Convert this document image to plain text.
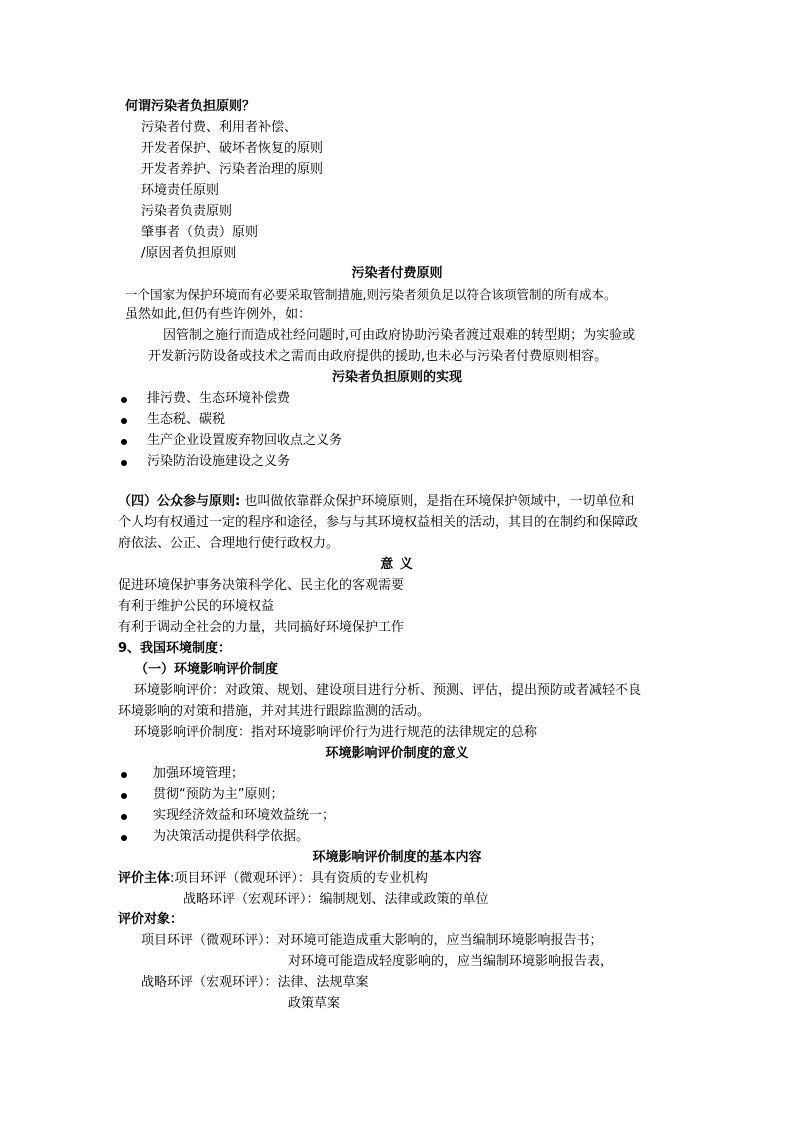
何谓污染者负担原则？
污染者付费、利用者补偿、
开发者保护、破坏者恢复的原则
开发者养护、污染者治理的原则
环境责任原则
污染者负责原则
肇事者（负责）原则
/原因者负担原则
污染者付费原则
一个国家为保护环境而有必要采取管制措施,则污染者须负足以符合该项管制的所有成本。
虽然如此,但仍有些许例外，如：
因管制之施行而造成社经问题时,可由政府协助污染者渡过艰难的转型期；为实验或
开发新污防设备或技术之需而由政府提供的援助,也未必与污染者付费原则相容。
污染者负担原则的实现
排污费、生态环境补偿费
生态税、碳税
生产企业设置废弃物回收点之义务
污染防治设施建设之义务
（四）公众参与原则: 也叫做依靠群众保护环境原则，是指在环境保护领域中，一切单位和
个人均有权通过一定的程序和途径，参与与其环境权益相关的活动，其目的在制约和保障政
府依法、公正、合理地行使行政权力。
意 义
促进环境保护事务决策科学化、民主化的客观需要
有利于维护公民的环境权益
有利于调动全社会的力量，共同搞好环境保护工作
9、我国环境制度：
（一）环境影响评价制度
环境影响评价：对政策、规划、建设项目进行分析、预测、评估，提出预防或者减轻不良
环境影响的对策和措施，并对其进行跟踪监测的活动。
环境影响评价制度：指对环境影响评价行为进行规范的法律规定的总称
环境影响评价制度的意义
加强环境管理；
贯彻“预防为主”原则；
实现经济效益和环境效益统一；
为决策活动提供科学依据。
环境影响评价制度的基本内容
评价主体:项目环评（微观环评）：具有资质的专业机构
战略环评（宏观环评）：编制规划、法律或政策的单位
评价对象：
项目环评（微观环评）：对环境可能造成重大影响的，应当编制环境影响报告书；
对环境可能造成轻度影响的，应当编制环境影响报告表，
战略环评（宏观环评）：法律、法规草案
政策草案
